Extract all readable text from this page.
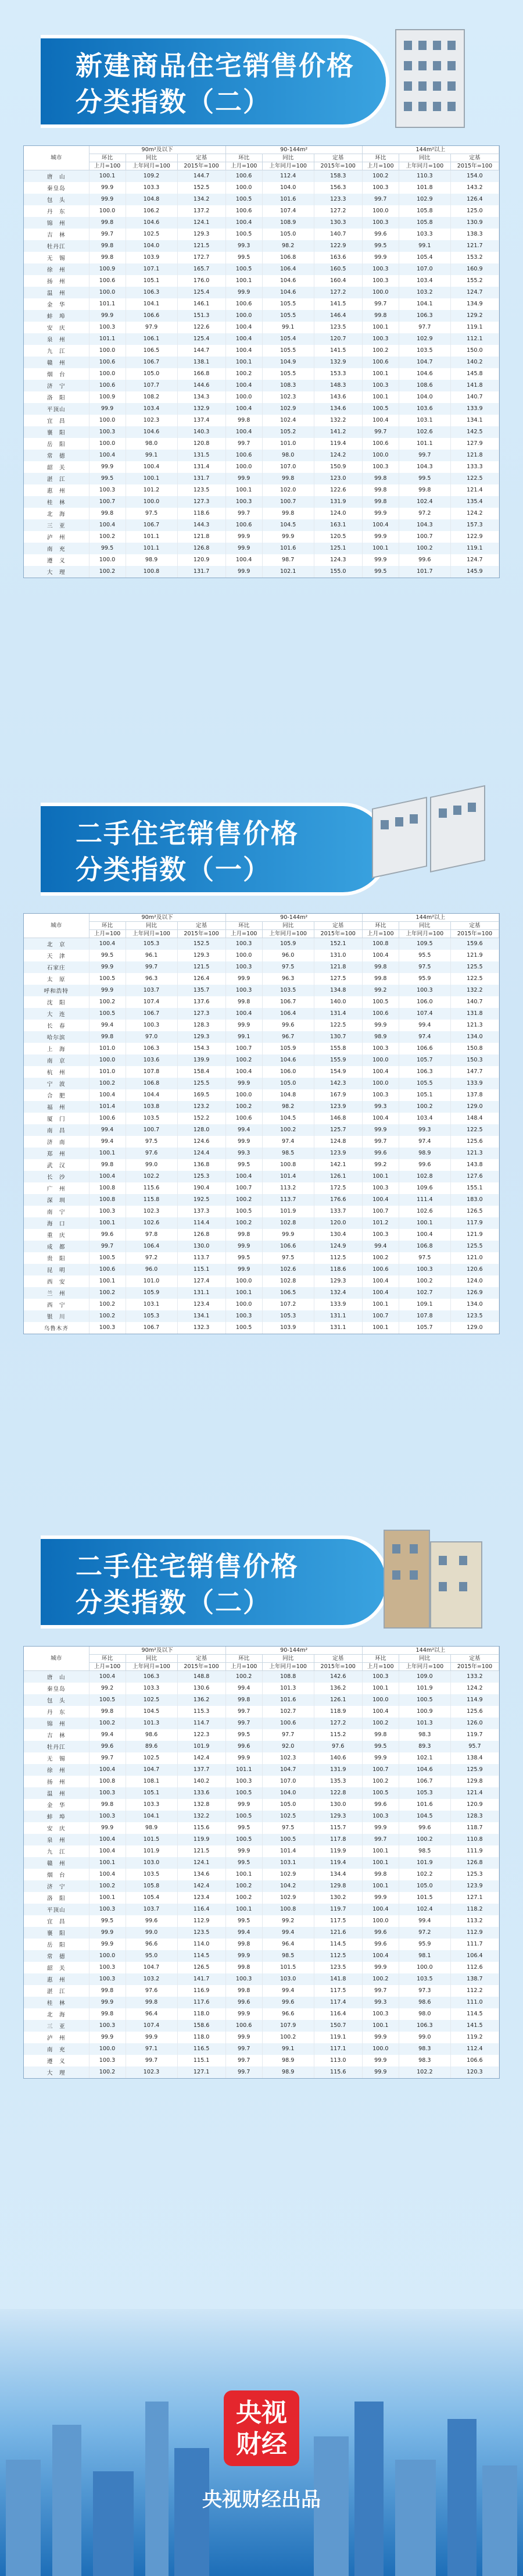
新建商品住宅销售价格
分类指数（二）
城市	90m²及以下			90-144m²			144m²以上		
	环比	同比	定基	环比	同比	定基	环比	同比	定基
	上月=100	上年同月=100	2015年=100	上月=100	上年同月=100	2015年=100	上月=100	上年同月=100	2015年=100
唐　山	100.1	109.2	144.7	100.6	112.4	158.3	100.2	110.3	154.0
秦皇岛	99.9	103.3	152.5	100.0	104.0	156.3	100.3	101.8	143.2
包　头	99.9	104.8	134.2	100.5	101.6	123.3	99.7	102.9	126.4
丹　东	100.0	106.2	137.2	100.6	107.4	127.2	100.0	105.8	125.0
锦　州	99.8	104.6	124.1	100.4	108.9	130.3	100.3	105.8	130.9
吉　林	99.7	102.5	129.3	100.5	105.0	140.7	99.6	103.3	138.3
牡丹江	99.8	104.0	121.5	99.3	98.2	122.9	99.5	99.1	121.7
无　锡	99.8	103.9	172.7	99.5	106.8	163.6	99.9	105.4	153.2
徐　州	100.9	107.1	165.7	100.5	106.4	160.5	100.3	107.0	160.9
扬　州	100.6	105.1	176.0	100.1	104.6	160.4	100.3	103.4	155.2
温　州	100.0	106.3	125.4	99.9	104.6	127.2	100.0	103.2	124.7
金　华	101.1	104.1	146.1	100.6	105.5	141.5	99.7	104.1	134.9
蚌　埠	99.9	106.6	151.3	100.0	105.5	146.4	99.8	106.3	129.2
安　庆	100.3	97.9	122.6	100.4	99.1	123.5	100.1	97.7	119.1
泉　州	101.1	106.1	125.4	100.4	105.4	120.7	100.3	102.9	112.1
九　江	100.0	106.5	144.7	100.4	105.5	141.5	100.2	103.5	150.0
赣　州	100.6	106.7	138.1	100.1	104.9	132.9	100.6	104.7	140.2
烟　台	100.0	105.0	166.8	100.2	105.5	153.3	100.1	104.6	145.8
济　宁	100.6	107.7	144.6	100.4	108.3	148.3	100.3	108.6	141.8
洛　阳	100.9	108.2	134.3	100.0	102.3	143.6	100.1	104.0	140.7
平顶山	99.9	103.4	132.9	100.4	102.9	134.6	100.5	103.6	133.9
宜　昌	100.0	102.3	137.4	99.8	102.4	132.2	100.4	103.1	134.1
襄　阳	100.3	104.6	140.3	100.4	105.2	141.2	99.7	102.6	142.5
岳　阳	100.0	98.0	120.8	99.7	101.0	119.4	100.6	101.1	127.9
常　德	100.4	99.1	131.5	100.6	98.0	124.2	100.0	99.7	121.8
韶　关	99.9	100.4	131.4	100.0	107.0	150.9	100.3	104.3	133.3
湛　江	99.5	100.1	131.7	99.9	99.8	123.0	99.8	99.5	122.5
惠　州	100.3	101.2	123.5	100.1	102.0	122.6	99.8	99.8	121.4
桂　林	100.7	100.0	127.3	100.3	100.7	131.9	99.8	102.4	135.4
北　海	99.8	97.5	118.6	99.7	99.8	124.0	99.9	97.2	124.2
三　亚	100.4	106.7	144.3	100.6	104.5	163.1	100.4	104.3	157.3
泸　州	100.2	101.1	121.8	99.9	99.9	120.5	99.9	100.7	122.9
南　充	99.5	101.1	126.8	99.9	101.6	125.1	100.1	100.2	119.1
遵　义	100.0	98.9	120.9	100.4	98.7	124.3	99.9	99.6	124.7
大　理	100.2	100.8	131.7	99.9	102.1	155.0	99.5	101.7	145.9
二手住宅销售价格
分类指数（一）
城市	90m²及以下			90-144m²			144m²以上		
	环比	同比	定基	环比	同比	定基	环比	同比	定基
	上月=100	上年同月=100	2015年=100	上月=100	上年同月=100	2015年=100	上月=100	上年同月=100	2015年=100
北　京	100.4	105.3	152.5	100.3	105.9	152.1	100.8	109.5	159.6
天　津	99.5	96.1	129.3	100.0	96.0	131.0	100.4	95.5	121.9
石家庄	99.9	99.7	121.5	100.3	97.5	121.8	99.8	97.5	125.5
太　原	100.5	96.3	126.4	99.9	96.3	127.5	99.8	95.9	122.5
呼和浩特	99.9	103.7	135.7	100.3	103.5	134.8	99.2	100.3	132.2
沈　阳	100.2	107.4	137.6	99.8	106.7	140.0	100.5	106.0	140.7
大　连	100.5	106.7	127.3	100.4	106.4	131.4	100.6	107.4	131.8
长　春	99.4	100.3	128.3	99.9	99.6	122.5	99.9	99.4	121.3
哈尔滨	99.8	97.0	129.3	99.1	96.7	130.7	98.9	97.4	134.0
上　海	101.0	106.3	154.3	100.7	105.9	155.8	100.3	106.6	150.8
南　京	100.0	103.6	139.9	100.2	104.6	155.9	100.0	105.7	150.3
杭　州	101.0	107.8	158.4	100.4	106.0	154.9	100.4	106.3	147.7
宁　波	100.2	106.8	125.5	99.9	105.0	142.3	100.0	105.5	133.9
合　肥	100.4	104.4	169.5	100.0	104.8	167.9	100.3	105.1	137.8
福　州	101.4	103.8	123.2	100.2	98.2	123.9	99.3	100.2	129.0
厦　门	100.6	103.5	152.2	100.6	104.5	146.8	100.4	103.4	148.4
南　昌	99.4	100.7	128.0	99.4	100.2	125.7	99.9	99.3	122.5
济　南	99.4	97.5	124.6	99.9	97.4	124.8	99.7	97.4	125.6
郑　州	100.1	97.6	124.4	99.3	98.5	123.9	99.6	98.9	121.3
武　汉	99.8	99.0	136.8	99.5	100.8	142.1	99.2	99.6	143.8
长　沙	100.4	102.2	125.3	100.4	101.4	126.1	100.1	102.8	127.6
广　州	100.8	115.6	190.4	100.7	113.2	172.5	100.3	109.6	155.1
深　圳	100.8	115.8	192.5	100.2	113.7	176.6	100.4	111.4	183.0
南　宁	100.3	102.3	137.3	100.5	101.9	133.7	100.7	102.6	126.5
海　口	100.1	102.6	114.4	100.2	102.8	120.0	101.2	100.1	117.9
重　庆	99.6	97.8	126.8	99.8	99.9	130.4	100.3	100.4	121.9
成　都	99.7	106.4	130.0	99.9	106.6	124.9	99.4	106.8	125.5
贵　阳	100.5	97.2	113.7	99.5	97.5	112.5	100.2	97.5	121.0
昆　明	100.6	96.0	115.1	99.9	102.6	118.6	100.6	100.3	120.6
西　安	100.1	101.0	127.4	100.0	102.8	129.3	100.4	100.2	124.0
兰　州	100.2	105.9	131.1	100.1	106.5	132.4	100.4	102.7	126.9
西　宁	100.2	103.1	123.4	100.0	107.2	133.9	100.1	109.1	134.0
银　川	100.2	105.3	134.1	100.3	105.3	131.1	100.7	107.8	123.5
乌鲁木齐	100.3	106.7	132.3	100.5	103.9	131.1	100.1	105.7	129.0
二手住宅销售价格
分类指数（二）
城市	90m²及以下			90-144m²			144m²以上		
	环比	同比	定基	环比	同比	定基	环比	同比	定基
	上月=100	上年同月=100	2015年=100	上月=100	上年同月=100	2015年=100	上月=100	上年同月=100	2015年=100
唐　山	100.4	106.3	148.8	100.2	108.8	142.6	100.3	109.0	133.2
秦皇岛	99.2	103.3	130.6	99.4	101.3	136.2	100.1	101.9	124.2
包　头	100.5	102.5	136.2	99.8	101.6	126.1	100.0	100.5	114.9
丹　东	99.8	104.5	115.3	99.7	102.7	118.9	100.4	100.9	125.6
锦　州	100.2	101.3	114.7	99.7	100.6	127.2	100.2	101.3	126.0
吉　林	99.4	98.6	122.3	99.5	97.7	115.2	99.8	98.3	119.7
牡丹江	99.6	89.6	101.9	99.6	92.0	97.6	99.5	89.3	95.7
无　锡	99.7	102.5	142.4	99.9	102.3	140.6	99.9	102.1	138.4
徐　州	100.4	104.7	137.7	101.1	104.7	131.9	100.7	104.6	125.9
扬　州	100.8	108.1	140.2	100.3	107.0	135.3	100.2	106.7	129.8
温　州	100.3	105.1	133.6	100.5	104.0	122.8	100.5	105.3	121.4
金　华	99.8	103.3	132.8	99.9	105.0	130.0	99.6	101.6	120.9
蚌　埠	100.3	104.1	132.2	100.5	102.5	129.3	100.3	104.5	128.3
安　庆	99.9	98.9	115.6	99.5	97.5	115.7	99.9	99.6	118.7
泉　州	100.4	101.5	119.9	100.5	100.5	117.8	99.7	100.2	110.8
九　江	100.4	101.9	121.5	99.9	101.4	119.9	100.1	98.5	111.9
赣　州	100.1	103.0	124.1	99.5	103.1	119.4	100.1	101.9	126.8
烟　台	100.4	103.5	134.6	100.1	102.9	134.4	99.8	102.2	125.3
济　宁	100.2	105.8	142.4	100.2	104.2	129.8	100.1	105.0	123.9
洛　阳	100.1	105.4	123.4	100.2	102.9	130.2	99.9	101.5	127.1
平顶山	100.3	103.7	116.4	100.1	100.8	119.7	100.4	102.4	118.2
宜　昌	99.5	99.6	112.9	99.5	99.2	117.5	100.0	99.4	113.2
襄　阳	99.9	99.0	123.5	99.4	99.4	121.6	99.6	97.2	112.9
岳　阳	99.9	96.6	114.0	99.8	96.4	114.5	99.6	95.9	111.7
常　德	100.0	95.0	114.5	99.9	98.5	112.5	100.4	98.1	106.4
韶　关	100.3	104.7	126.5	99.8	101.5	123.5	99.9	100.0	112.6
惠　州	100.3	103.2	141.7	100.3	103.0	141.8	100.2	103.5	138.7
湛　江	99.8	97.6	116.9	99.8	99.4	117.5	99.7	97.3	112.2
桂　林	99.9	99.8	117.6	99.6	99.6	117.4	99.3	98.6	111.0
北　海	99.8	96.4	118.0	99.9	96.6	116.4	100.3	98.0	114.5
三　亚	100.3	107.4	158.6	100.6	107.9	150.7	100.1	106.3	141.5
泸　州	99.9	99.9	118.0	99.9	100.2	119.1	99.9	99.0	119.2
南　充	100.0	97.1	116.5	99.7	99.1	117.1	100.0	98.3	112.4
遵　义	100.3	99.7	115.1	99.7	98.9	113.0	99.9	98.3	106.6
大　理	100.2	102.3	127.1	99.7	98.9	115.6	99.9	102.2	120.3
央视
财经
央视财经出品
